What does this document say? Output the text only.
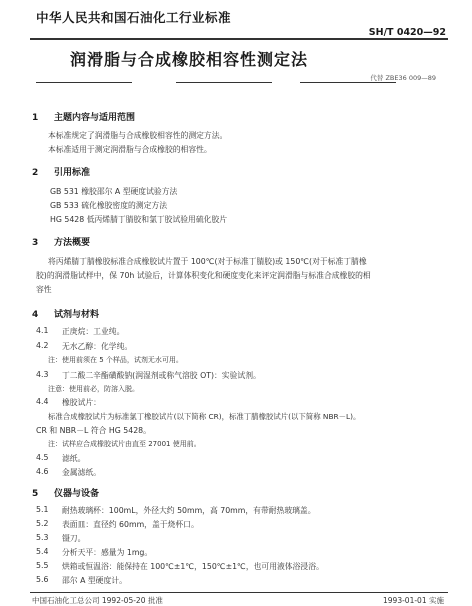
中华人民共和国石油化工行业标准
SH/T 0420—92
润滑脂与合成橡胶相容性测定法
代替 ZBE36 009—89
1 主题内容与适用范围
本标准规定了润滑脂与合成橡胶相容性的测定方法。
本标准适用于测定润滑脂与合成橡胶的相容性。
2 引用标准
GB 531 橡胶邵尔 A 型硬度试验方法
GB 533 硫化橡胶密度的测定方法
HG 5428 低丙烯腈丁腈胶和氯丁胶试验用硫化胶片
3 方法概要
将丙烯腈丁腈橡胶标准合成橡胶试片置于 100℃(对于标准丁腈胶)或 150℃(对于标准丁腈橡
胶)的润滑脂试样中，保 70h 试验后，计算体积变化和硬度变化来评定润滑脂与标准合成橡胶的相
容性
4 试剂与材料
4.1 正庚烷：工业纯。
4.2 无水乙醇：化学纯。
注：使用前须在 5 个样品，试剂无水可用。
4.3 丁二酸二辛酯磺酸钠(润湿剂或称气溶胶 OT)：实验试剂。
注意：使用前必，防溶入脱。
4.4 橡胶试片：
标准合成橡胶试片为标准氯丁橡胶试片(以下简称 CR)，标准丁腈橡胶试片(以下简称 NBR－L)。
CR 和 NBR－L 符合 HG 5428。
注：试样应合成橡胶试片由直至 27001 使用前。
4.5 滤纸。
4.6 金属滤纸。
5 仪器与设备
5.1 耐热玻璃杯：100mL，外径大约 50mm，高 70mm，有带耐热玻璃盖。
5.2 表面皿：直径约 60mm，盖于烧杯口。
5.3 镊刀。
5.4 分析天平：感量为 1mg。
5.5 烘箱或恒温浴：能保持在 100℃±1℃，150℃±1℃，也可用液体浴浸浴。
5.6 邵尔 A 型硬度计。
中国石油化工总公司 1992-05-20 批准	1993-01-01 实施
